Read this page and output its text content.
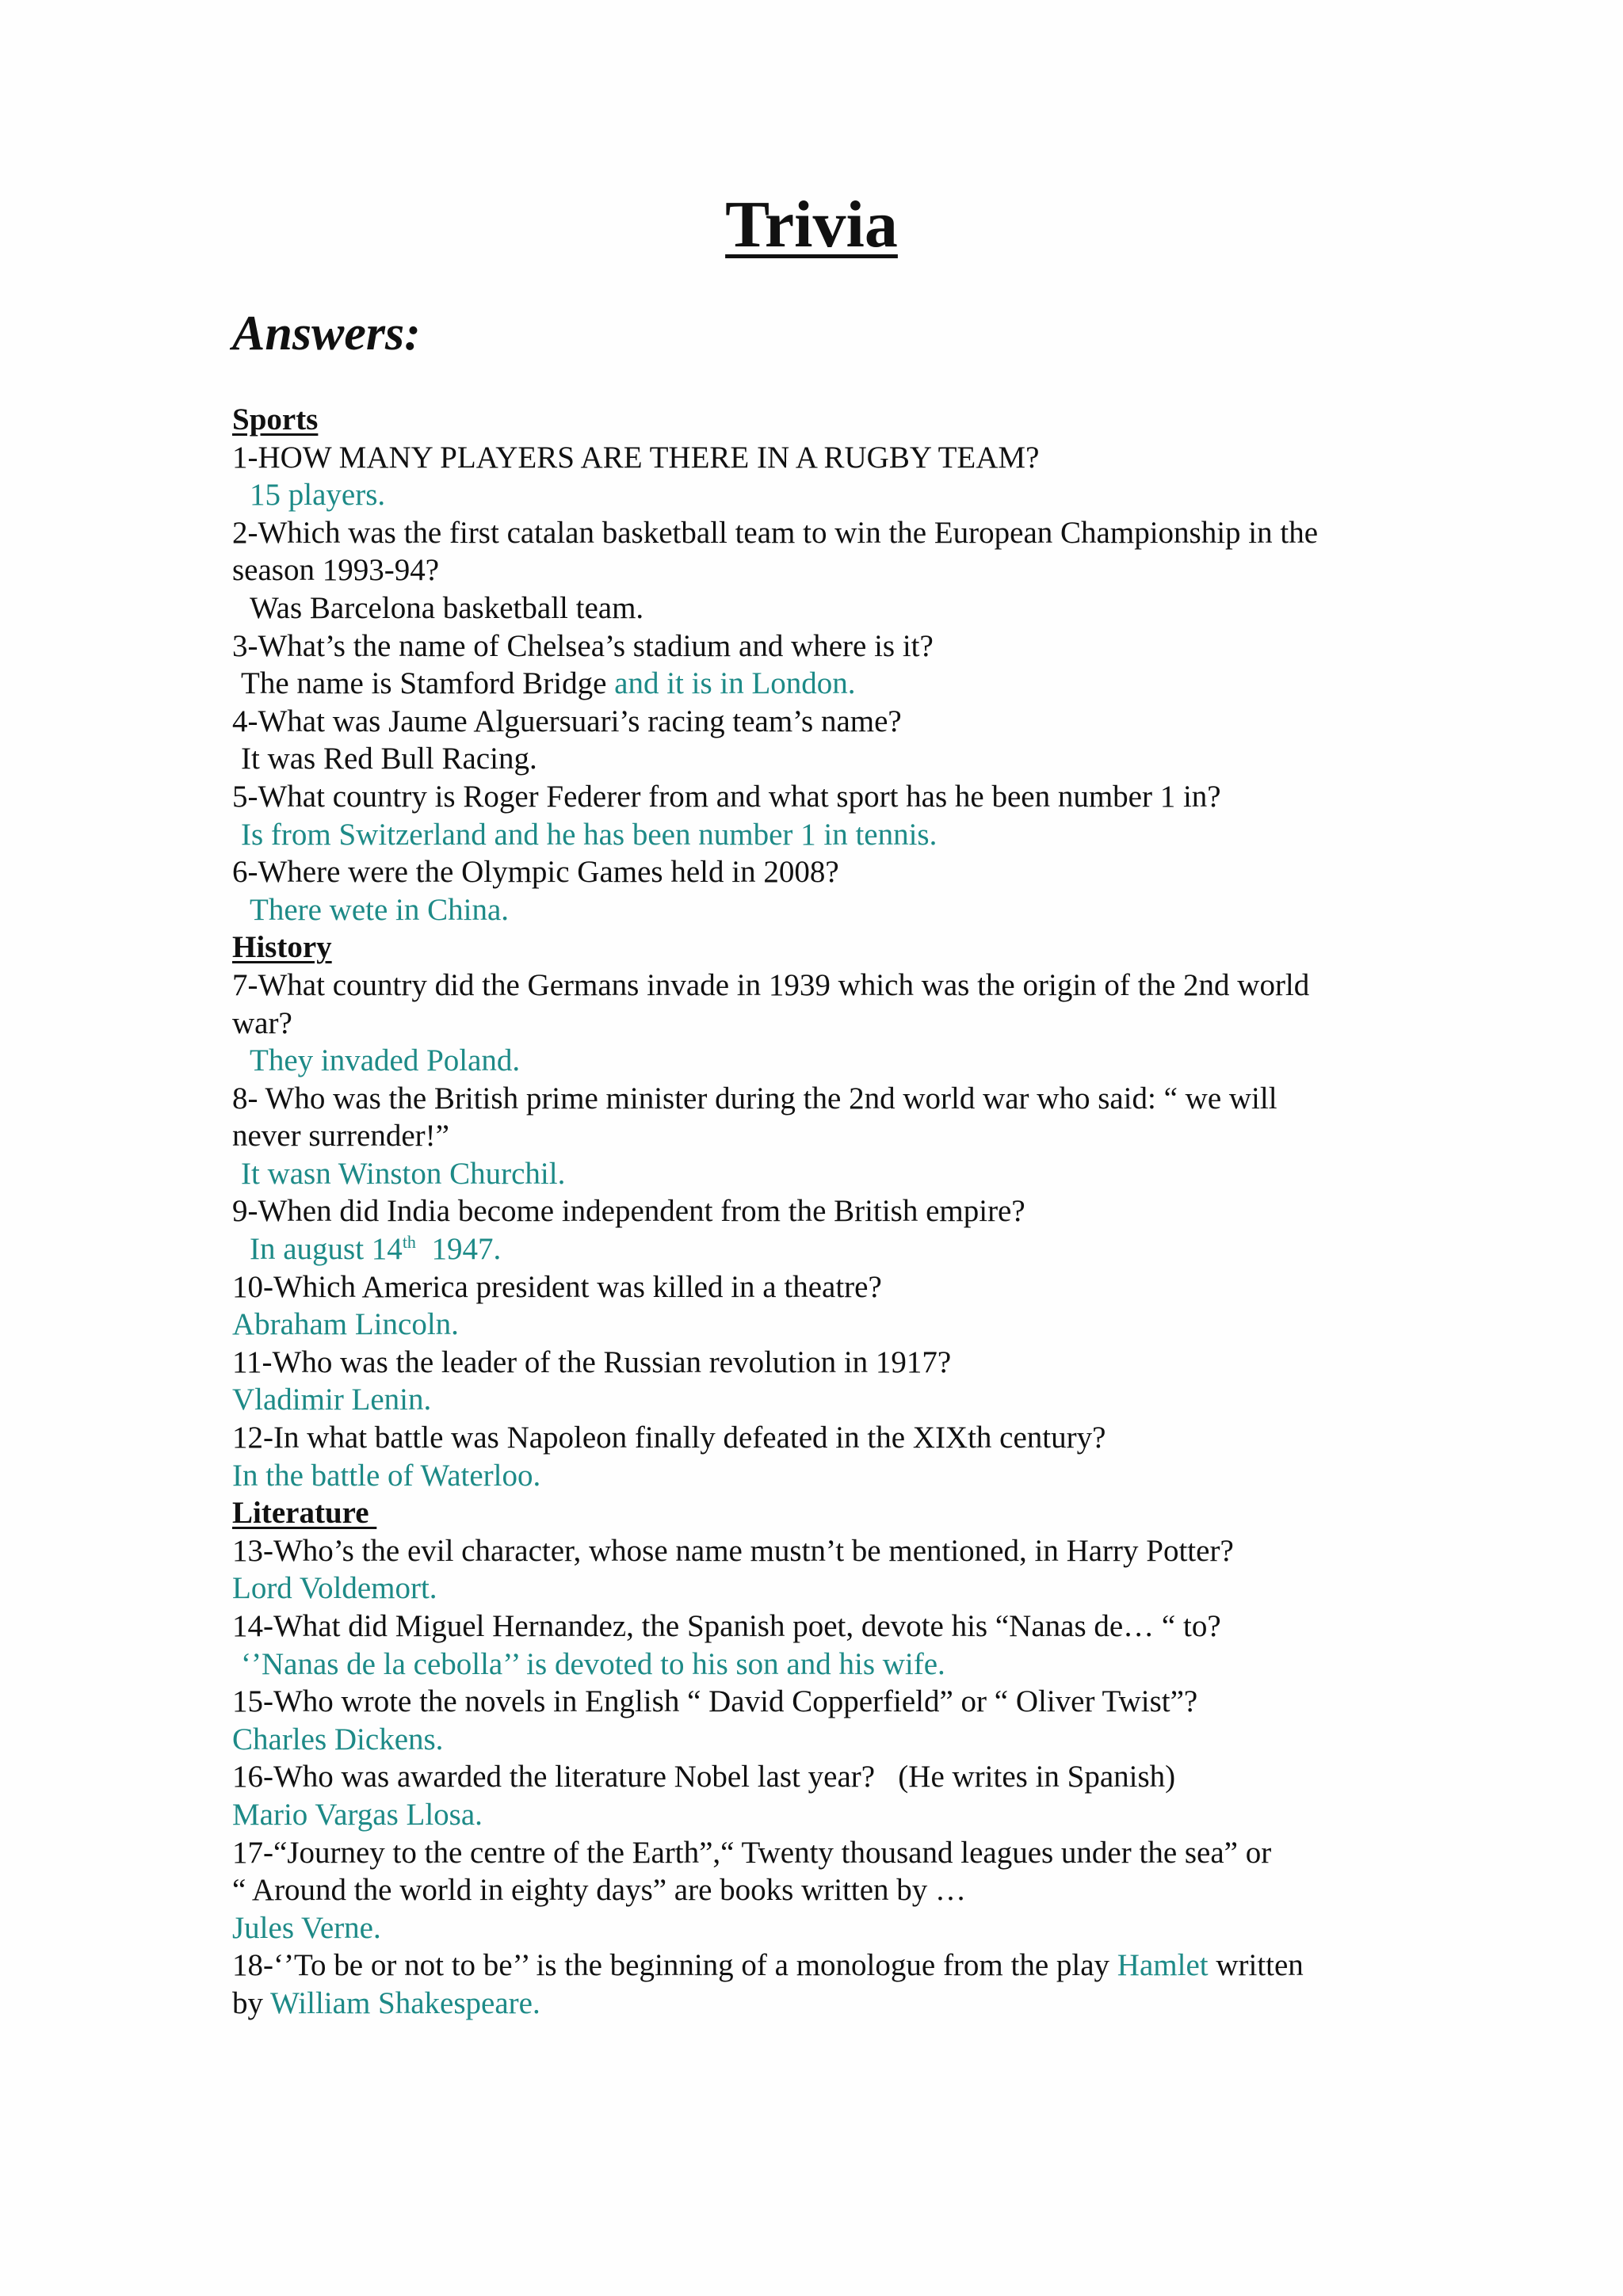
Trivia
Answers:
Sports
1-HOW MANY PLAYERS ARE THERE IN A RUGBY TEAM?
15 players.
2-Which was the first catalan basketball team to win the European Championship in the
season 1993-94?
Was Barcelona basketball team.
3-What’s the name of Chelsea’s stadium and where is it?
The name is Stamford Bridge and it is in London.
4-What was Jaume Alguersuari’s racing team’s name?
It was Red Bull Racing.
5-What country is Roger Federer from and what sport has he been number 1 in?
Is from Switzerland and he has been number 1 in tennis.
6-Where were the Olympic Games held in 2008?
There wete in China.
History
7-What country did the Germans invade in 1939 which was the origin of the 2nd world
war?
They invaded Poland.
8- Who was the British prime minister during the 2nd world war who said: “ we will
never surrender!”
It wasn Winston Churchil.
9-When did India become independent from the British empire?
In august 14th  1947.
10-Which America president was killed in a theatre?
Abraham Lincoln.
11-Who was the leader of the Russian revolution in 1917?
Vladimir Lenin.
12-In what battle was Napoleon finally defeated in the XIXth century?
In the battle of Waterloo.
Literature
13-Who’s the evil character, whose name mustn’t be mentioned, in Harry Potter?
Lord Voldemort.
14-What did Miguel Hernandez, the Spanish poet, devote his “Nanas de… “ to?
‘’Nanas de la cebolla’’ is devoted to his son and his wife.
15-Who wrote the novels in English “ David Copperfield” or “ Oliver Twist”?
Charles Dickens.
16-Who was awarded the literature Nobel last year?   (He writes in Spanish)
Mario Vargas Llosa.
17-“Journey to the centre of the Earth”,“ Twenty thousand leagues under the sea” or
“ Around the world in eighty days” are books written by …
Jules Verne.
18-‘’To be or not to be’’ is the beginning of a monologue from the play Hamlet written
by William Shakespeare.
